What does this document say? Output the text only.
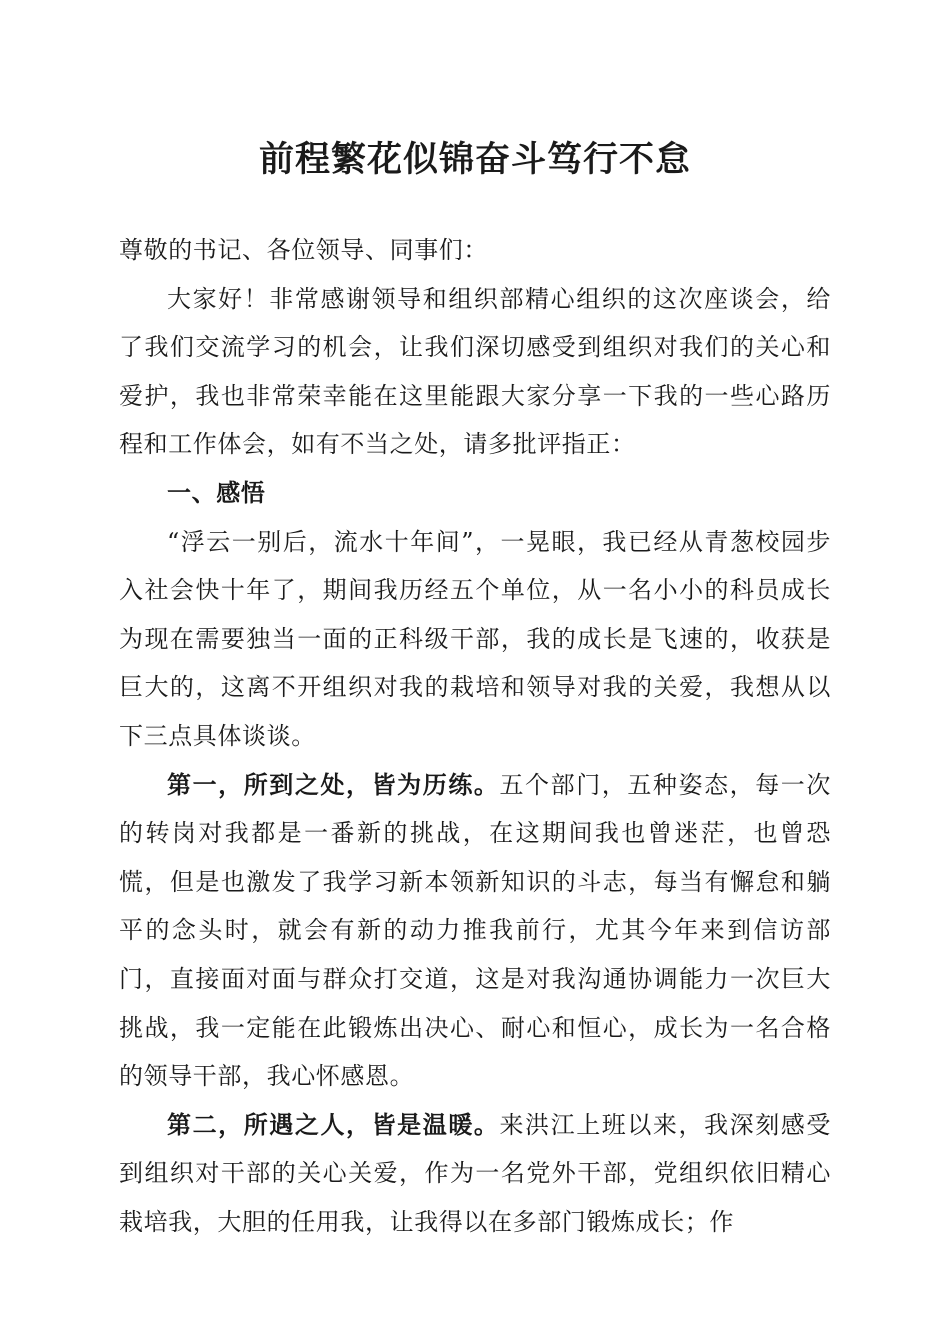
前程繁花似锦奋斗笃行不怠

尊敬的书记、各位领导、同事们：

大家好！非常感谢领导和组织部精心组织的这次座谈会，给了我们交流学习的机会，让我们深切感受到组织对我们的关心和爱护，我也非常荣幸能在这里能跟大家分享一下我的一些心路历程和工作体会，如有不当之处，请多批评指正：

一、感悟

“浮云一别后，流水十年间”，一晃眼，我已经从青葱校园步入社会快十年了，期间我历经五个单位，从一名小小的科员成长为现在需要独当一面的正科级干部，我的成长是飞速的，收获是巨大的，这离不开组织对我的栽培和领导对我的关爱，我想从以下三点具体谈谈。

第一，所到之处，皆为历练。五个部门，五种姿态，每一次的转岗对我都是一番新的挑战，在这期间我也曾迷茫，也曾恐慌，但是也激发了我学习新本领新知识的斗志，每当有懈怠和躺平的念头时，就会有新的动力推我前行，尤其今年来到信访部门，直接面对面与群众打交道，这是对我沟通协调能力一次巨大挑战，我一定能在此锻炼出决心、耐心和恒心，成长为一名合格的领导干部，我心怀感恩。

第二，所遇之人，皆是温暖。来洪江上班以来，我深刻感受到组织对干部的关心关爱，作为一名党外干部，党组织依旧精心栽培我，大胆的任用我，让我得以在多部门锻炼成长；作
